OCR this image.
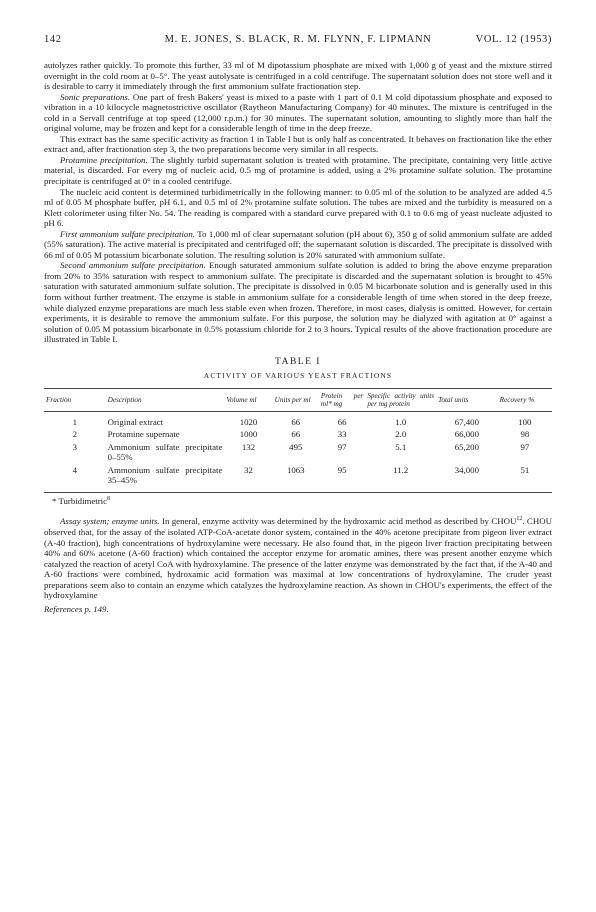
142	M. E. JONES, S. BLACK, R. M. FLYNN, F. LIPMANN	VOL. 12 (1953)

autolyzes rather quickly. To promote this further, 33 ml of M dipotassium phosphate are mixed with 1,000 g of yeast and the mixture stirred overnight in the cold room at 0–5°. The yeast autolysate is centrifuged in a cold centrifuge. The supernatant solution does not store well and it is desirable to carry it immediately through the first ammonium sulfate fractionation step.

Sonic preparations. One part of fresh Bakers' yeast is mixed to a paste with 1 part of 0.1 M cold dipotassium phosphate and exposed to vibration in a 10 kilocycle magnetostrictive oscillator (Raytheon Manufacturing Company) for 40 minutes. The mixture is centrifuged in the cold in a Servall centrifuge at top speed (12,000 r.p.m.) for 30 minutes. The supernatant solution, amounting to slightly more than half the original volume, may be frozen and kept for a considerable length of time in the deep freeze.

This extract has the same specific activity as fraction 1 in Table I but is only half as concentrated. It behaves on fractionation like the ether extract and, after fractionation step 3, the two preparations become very similar in all respects.

Protamine precipitation. The slightly turbid supernatant solution is treated with protamine. The precipitate, containing very little active material, is discarded. For every mg of nucleic acid, 0.5 mg of protamine is added, using a 2% protamine sulfate solution. The protamine precipitate is centrifuged at 0° in a cooled centrifuge.

The nucleic acid content is determined turbidimetrically in the following manner: to 0.05 ml of the solution to be analyzed are added 4.5 ml of 0.05 M phosphate buffer, pH 6.1, and 0.5 ml of 2% protamine sulfate solution. The tubes are mixed and the turbidity is measured on a Klett colorimeter using filter No. 54. The reading is compared with a standard curve prepared with 0.1 to 0.6 mg of yeast nucleate adjusted to pH 6.

First ammonium sulfate precipitation. To 1,000 ml of clear supernatant solution (pH about 6), 350 g of solid ammonium sulfate are added (55% saturation). The active material is precipitated and centrifuged off; the supernatant solution is discarded. The precipitate is dissolved with 66 ml of 0.05 M potassium bicarbonate solution. The resulting solution is 20% saturated with ammonium sulfate.

Second ammonium sulfate precipitation. Enough saturated ammonium sulfate solution is added to bring the above enzyme preparation from 20% to 35% saturation with respect to ammonium sulfate. The precipitate is discarded and the supernatant solution is brought to 45% saturation with saturated ammonium sulfate solution. The precipitate is dissolved in 0.05 M bicarbonate solution and is generally used in this form without further treatment. The enzyme is stable in ammonium sulfate for a considerable length of time when stored in the deep freeze, while dialyzed enzyme preparations are much less stable even when frozen. Therefore, in most cases, dialysis is omitted. However, for certain experiments, it is desirable to remove the ammonium sulfate. For this purpose, the solution may be dialyzed with agitation at 0° against a solution of 0.05 M potassium bicarbonate in 0.5% potassium chloride for 2 to 3 hours. Typical results of the above fractionation procedure are illustrated in Table I.

TABLE I
ACTIVITY OF VARIOUS YEAST FRACTIONS
Fraction	Description	Volume ml	Units per ml	Protein per ml* mg	Specific activity units per mg protein	Total units	Recovery %
1	Original extract	1020	66	66	1.0	67,400	100
2	Protamine supernate	1000	66	33	2.0	66,000	98
3	Ammonium sulfate precipitate 0–55%	132	495	97	5.1	65,200	97
4	Ammonium sulfate precipitate 35–45%	32	1063	95	11.2	34,000	51
* Turbidimetric$^8$

Assay system; enzyme units. In general, enzyme activity was determined by the hydroxamic acid method as described by CHOU$^{12}$. CHOU observed that, for the assay of the isolated ATP-CoA-acetate donor system, contained in the 40% acetone precipitate from pigeon liver extract (A-40 fraction), high concentrations of hydroxylamine were necessary. He also found that, in the pigeon liver fraction precipitating between 40% and 60% acetone (A-60 fraction) which contained the acceptor enzyme for aromatic amines, there was present another enzyme which catalyzed the reaction of acetyl CoA with hydroxylamine. The presence of the latter enzyme was demonstrated by the fact that, if the A-40 and A-60 fractions were combined, hydroxamic acid formation was maximal at low concentrations of hydroxylamine. The cruder yeast preparations seem also to contain an enzyme which catalyzes the hydroxylamine reaction. As shown in CHOU's experiments, the effect of the hydroxylamine

References p. 149.
